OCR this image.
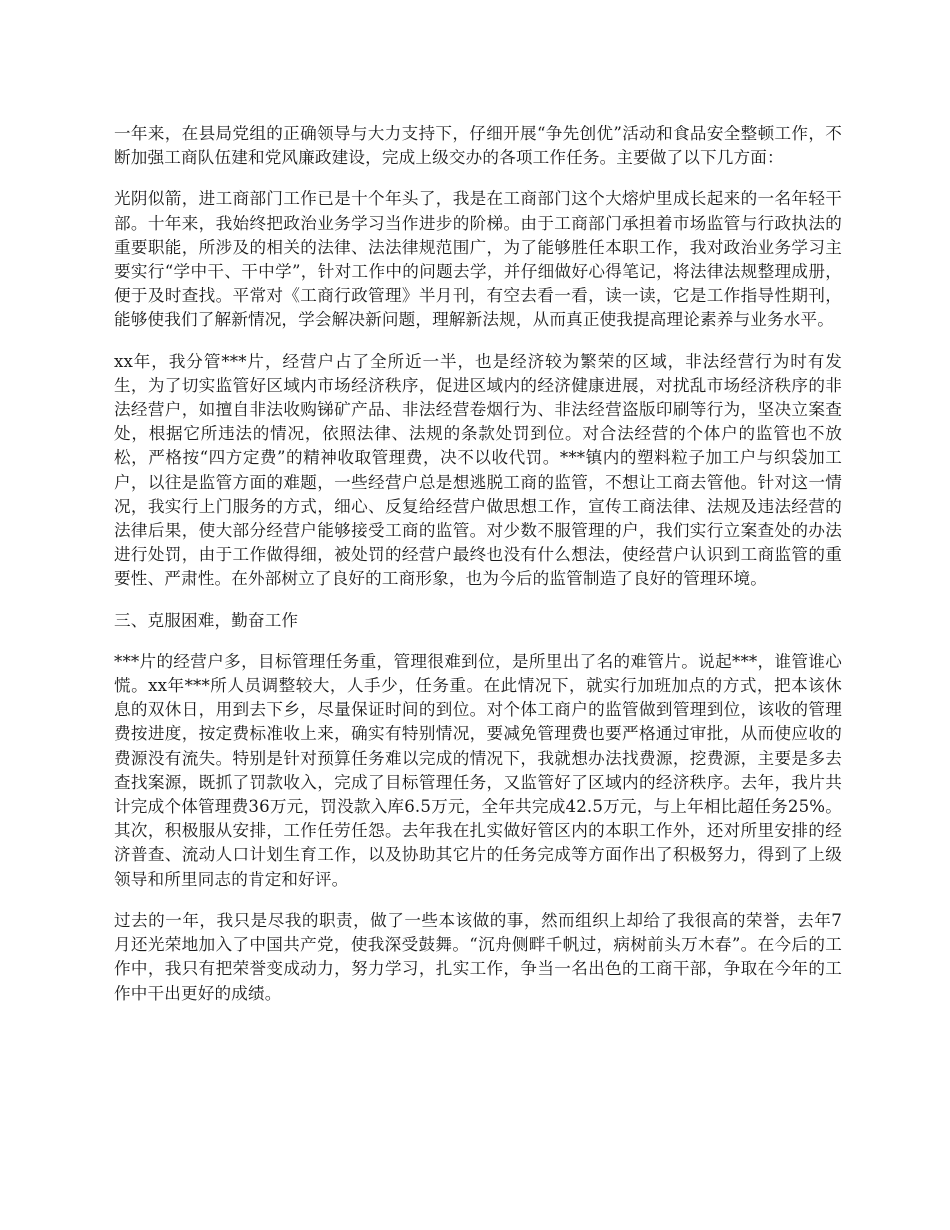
一年来，在县局党组的正确领导与大力支持下，仔细开展“争先创优”活动和食品安全整顿工作，不断加强工商队伍建和党风廉政建设，完成上级交办的各项工作任务。主要做了以下几方面：

光阴似箭，进工商部门工作已是十个年头了，我是在工商部门这个大熔炉里成长起来的一名年轻干部。十年来，我始终把政治业务学习当作进步的阶梯。由于工商部门承担着市场监管与行政执法的重要职能，所涉及的相关的法律、法法律规范围广，为了能够胜任本职工作，我对政治业务学习主要实行“学中干、干中学”，针对工作中的问题去学，并仔细做好心得笔记，将法律法规整理成册，便于及时查找。平常对《工商行政管理》半月刊，有空去看一看，读一读，它是工作指导性期刊，能够使我们了解新情况，学会解决新问题，理解新法规，从而真正使我提高理论素养与业务水平。

xx年，我分管***片，经营户占了全所近一半，也是经济较为繁荣的区域，非法经营行为时有发生，为了切实监管好区域内市场经济秩序，促进区域内的经济健康进展，对扰乱市场经济秩序的非法经营户，如擅自非法收购锑矿产品、非法经营卷烟行为、非法经营盗版印刷等行为，坚决立案查处，根据它所违法的情况，依照法律、法规的条款处罚到位。对合法经营的个体户的监管也不放松，严格按“四方定费”的精神收取管理费，决不以收代罚。***镇内的塑料粒子加工户与织袋加工户，以往是监管方面的难题，一些经营户总是想逃脱工商的监管，不想让工商去管他。针对这一情况，我实行上门服务的方式，细心、反复给经营户做思想工作，宣传工商法律、法规及违法经营的法律后果，使大部分经营户能够接受工商的监管。对少数不服管理的户，我们实行立案查处的办法进行处罚，由于工作做得细，被处罚的经营户最终也没有什么想法，使经营户认识到工商监管的重要性、严肃性。在外部树立了良好的工商形象，也为今后的监管制造了良好的管理环境。

三、克服困难，勤奋工作

***片的经营户多，目标管理任务重，管理很难到位，是所里出了名的难管片。说起***，谁管谁心慌。xx年***所人员调整较大，人手少，任务重。在此情况下，就实行加班加点的方式，把本该休息的双休日，用到去下乡，尽量保证时间的到位。对个体工商户的监管做到管理到位，该收的管理费按进度，按定费标准收上来，确实有特别情况，要减免管理费也要严格通过审批，从而使应收的费源没有流失。特别是针对预算任务难以完成的情况下，我就想办法找费源，挖费源，主要是多去查找案源，既抓了罚款收入，完成了目标管理任务，又监管好了区域内的经济秩序。去年，我片共计完成个体管理费36万元，罚没款入库6.5万元，全年共完成42.5万元，与上年相比超任务25%。其次，积极服从安排，工作任劳任怨。去年我在扎实做好管区内的本职工作外，还对所里安排的经济普查、流动人口计划生育工作，以及协助其它片的任务完成等方面作出了积极努力，得到了上级领导和所里同志的肯定和好评。

过去的一年，我只是尽我的职责，做了一些本该做的事，然而组织上却给了我很高的荣誉，去年7月还光荣地加入了中国共产党，使我深受鼓舞。“沉舟侧畔千帆过，病树前头万木春”。在今后的工作中，我只有把荣誉变成动力，努力学习，扎实工作，争当一名出色的工商干部，争取在今年的工作中干出更好的成绩。
